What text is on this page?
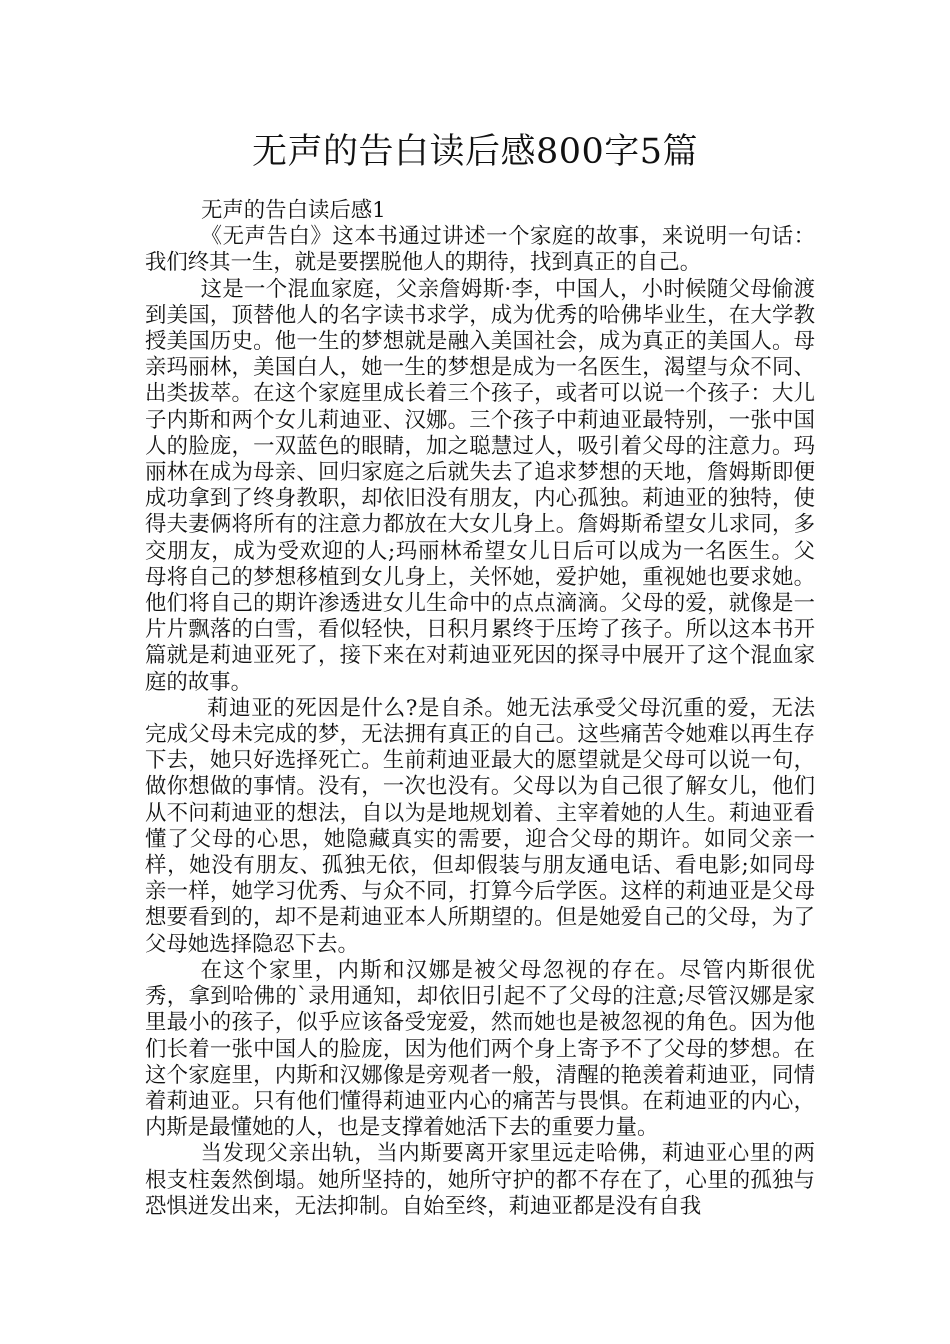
无声的告白读后感800字5篇
无声的告白读后感1

《无声告白》这本书通过讲述一个家庭的故事，来说明一句话：我们终其一生，就是要摆脱他人的期待，找到真正的自己。

这是一个混血家庭，父亲詹姆斯·李，中国人，小时候随父母偷渡到美国，顶替他人的名字读书求学，成为优秀的哈佛毕业生，在大学教授美国历史。他一生的梦想就是融入美国社会，成为真正的美国人。母亲玛丽林，美国白人，她一生的梦想是成为一名医生，渴望与众不同、出类拔萃。在这个家庭里成长着三个孩子，或者可以说一个孩子：大儿子内斯和两个女儿莉迪亚、汉娜。三个孩子中莉迪亚最特别，一张中国人的脸庞，一双蓝色的眼睛，加之聪慧过人，吸引着父母的注意力。玛丽林在成为母亲、回归家庭之后就失去了追求梦想的天地，詹姆斯即便成功拿到了终身教职，却依旧没有朋友，内心孤独。莉迪亚的独特，使得夫妻俩将所有的注意力都放在大女儿身上。詹姆斯希望女儿求同，多交朋友，成为受欢迎的人;玛丽林希望女儿日后可以成为一名医生。父母将自己的梦想移植到女儿身上，关怀她，爱护她，重视她也要求她。他们将自己的期许渗透进女儿生命中的点点滴滴。父母的爱，就像是一片片飘落的白雪，看似轻快，日积月累终于压垮了孩子。所以这本书开篇就是莉迪亚死了，接下来在对莉迪亚死因的探寻中展开了这个混血家庭的故事。

莉迪亚的死因是什么?是自杀。她无法承受父母沉重的爱，无法完成父母未完成的梦，无法拥有真正的自己。这些痛苦令她难以再生存下去，她只好选择死亡。生前莉迪亚最大的愿望就是父母可以说一句，做你想做的事情。没有，一次也没有。父母以为自己很了解女儿，他们从不问莉迪亚的想法，自以为是地规划着、主宰着她的人生。莉迪亚看懂了父母的心思，她隐藏真实的需要，迎合父母的期许。如同父亲一样，她没有朋友、孤独无依，但却假装与朋友通电话、看电影;如同母亲一样，她学习优秀、与众不同，打算今后学医。这样的莉迪亚是父母想要看到的，却不是莉迪亚本人所期望的。但是她爱自己的父母，为了父母她选择隐忍下去。

在这个家里，内斯和汉娜是被父母忽视的存在。尽管内斯很优秀，拿到哈佛的`录用通知，却依旧引起不了父母的注意;尽管汉娜是家里最小的孩子，似乎应该备受宠爱，然而她也是被忽视的角色。因为他们长着一张中国人的脸庞，因为他们两个身上寄予不了父母的梦想。在这个家庭里，内斯和汉娜像是旁观者一般，清醒的艳羡着莉迪亚，同情着莉迪亚。只有他们懂得莉迪亚内心的痛苦与畏惧。在莉迪亚的内心，内斯是最懂她的人，也是支撑着她活下去的重要力量。

当发现父亲出轨，当内斯要离开家里远走哈佛，莉迪亚心里的两根支柱轰然倒塌。她所坚持的，她所守护的都不存在了，心里的孤独与恐惧迸发出来，无法抑制。自始至终，莉迪亚都是没有自我
